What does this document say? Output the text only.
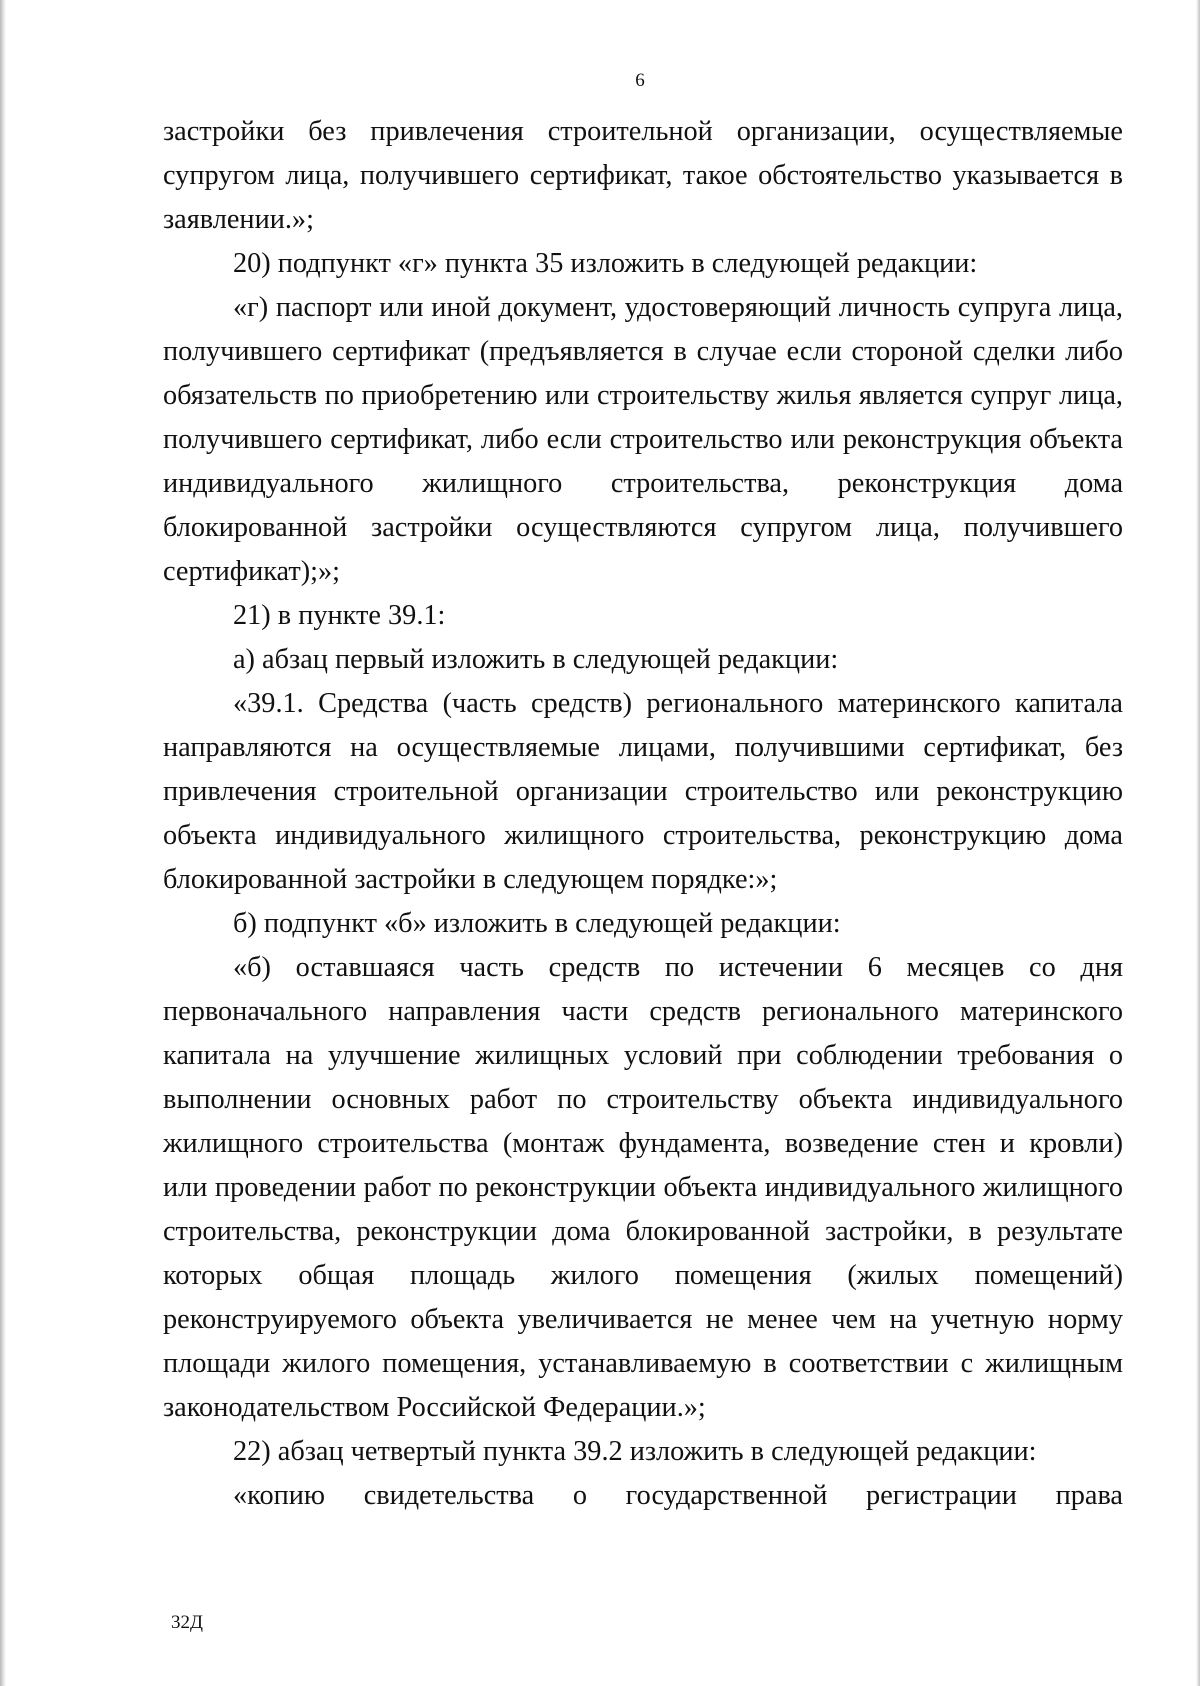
6

застройки без привлечения строительной организации, осуществляемые супругом лица, получившего сертификат, такое обстоятельство указывается в заявлении.»;

20) подпункт «г» пункта 35 изложить в следующей редакции:

«г) паспорт или иной документ, удостоверяющий личность супруга лица, получившего сертификат (предъявляется в случае если стороной сделки либо обязательств по приобретению или строительству жилья является супруг лица, получившего сертификат, либо если строительство или реконструкция объекта индивидуального жилищного строительства, реконструкция дома блокированной застройки осуществляются супругом лица, получившего сертификат);»;

21) в пункте 39.1:

а) абзац первый изложить в следующей редакции:

«39.1. Средства (часть средств) регионального материнского капитала направляются на осуществляемые лицами, получившими сертификат, без привлечения строительной организации строительство или реконструкцию объекта индивидуального жилищного строительства, реконструкцию дома блокированной застройки в следующем порядке:»;

б) подпункт «б» изложить в следующей редакции:

«б) оставшаяся часть средств по истечении 6 месяцев со дня первоначального направления части средств регионального материнского капитала на улучшение жилищных условий при соблюдении требования о выполнении основных работ по строительству объекта индивидуального жилищного строительства (монтаж фундамента, возведение стен и кровли) или проведении работ по реконструкции объекта индивидуального жилищного строительства, реконструкции дома блокированной застройки, в результате которых общая площадь жилого помещения (жилых помещений) реконструируемого объекта увеличивается не менее чем на учетную норму площади жилого помещения, устанавливаемую в соответствии с жилищным законодательством Российской Федерации.»;

22) абзац четвертый пункта 39.2 изложить в следующей редакции:

«копию свидетельства о государственной регистрации права

32Д
